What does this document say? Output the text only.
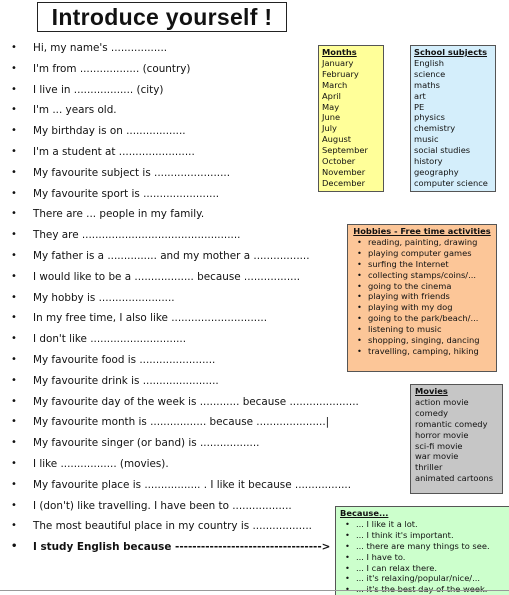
Introduce yourself !
• Hi, my name's .................
• I'm from .................. (country)
• I live in .................. (city)
• I'm ... years old.
• My birthday is on ..................
• I'm a student at .......................
• My favourite subject is .......................
• My favourite sport is .......................
• There are ... people in my family.
• They are ................................................
• My father is a ............... and my mother a .................
• I would like to be a .................. because .................
• My hobby is .......................
• In my free time, I also like .............................
• I don't like .............................
• My favourite food is .......................
• My favourite drink is .......................
• My favourite day of the week is ............ because .....................
• My favourite month is ................. because .....................|
• My favourite singer (or band) is ..................
• I like ................. (movies).
• My favourite place is ................. . I like it because .................
• I (don't) like travelling. I have been to ..................
• The most beautiful place in my country is ..................
• I study English because ---------------------------------->
Months
January
February
March
April
May
June
July
August
September
October
November
December
School subjects
English
science
maths
art
PE
physics
chemistry
music
social studies
history
geography
computer science
Hobbies - Free time activities
• reading, painting, drawing
• playing computer games
• surfing the Internet
• collecting stamps/coins/...
• going to the cinema
• playing with friends
• playing with my dog
• going to the park/beach/...
• listening to music
• shopping, singing, dancing
• travelling, camping, hiking
Movies
action movie
comedy
romantic comedy
horror movie
sci-fi movie
war movie
thriller
animated cartoons
Because...
• ... I like it a lot.
• ... I think it's important.
• ... there are many things to see.
• ... I have to.
• ... I can relax there.
• ... it's relaxing/popular/nice/...
